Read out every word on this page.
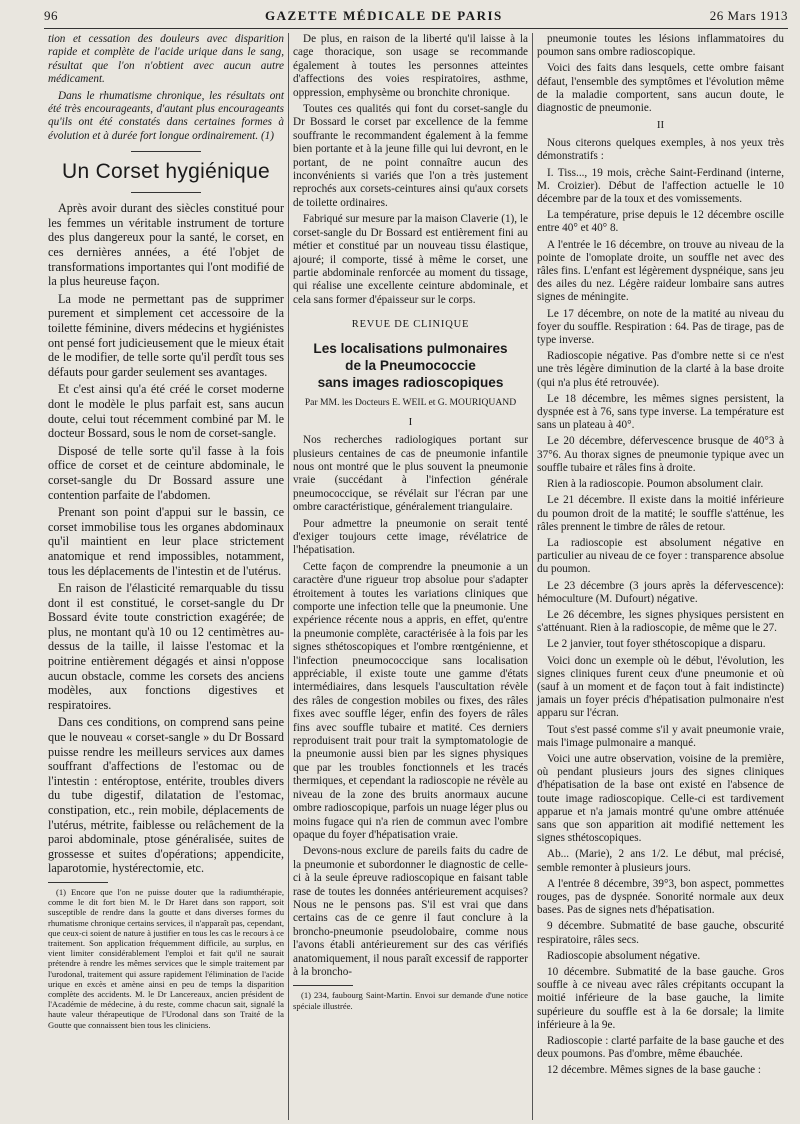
96	GAZETTE MÉDICALE DE PARIS	26 Mars 1913

tion et cessation des douleurs avec disparition rapide et complète de l'acide urique dans le sang, résultat que l'on n'obtient avec aucun autre médicament.

Dans le rhumatisme chronique, les résultats ont été très encourageants, d'autant plus encourageants qu'ils ont été constatés dans certaines formes à évolution et à durée fort longue ordinairement. (1)

Un Corset hygiénique

Après avoir durant des siècles constitué pour les femmes un véritable instrument de torture des plus dangereux pour la santé, le corset, en ces dernières années, a été l'objet de transformations importantes qui l'ont modifié de la plus heureuse façon.

La mode ne permettant pas de supprimer purement et simplement cet accessoire de la toilette féminine, divers médecins et hygiénistes ont pensé fort judicieusement que le mieux était de le modifier, de telle sorte qu'il perdît tous ses défauts pour garder seulement ses avantages.

Et c'est ainsi qu'a été créé le corset moderne dont le modèle le plus parfait est, sans aucun doute, celui tout récemment combiné par M. le docteur Bossard, sous le nom de corset-sangle.

Disposé de telle sorte qu'il fasse à la fois office de corset et de ceinture abdominale, le corset-sangle du Dr Bossard assure une contention parfaite de l'abdomen.

Prenant son point d'appui sur le bassin, ce corset immobilise tous les organes abdominaux qu'il maintient en leur place strictement anatomique et rend impossibles, notamment, tous les déplacements de l'intestin et de l'utérus.

En raison de l'élasticité remarquable du tissu dont il est constitué, le corset-sangle du Dr Bossard évite toute constriction exagérée; de plus, ne montant qu'à 10 ou 12 centimètres au-dessus de la taille, il laisse l'estomac et la poitrine entièrement dégagés et ainsi n'oppose aucun obstacle, comme les corsets des anciens modèles, aux fonctions digestives et respiratoires.

Dans ces conditions, on comprend sans peine que le nouveau « corset-sangle » du Dr Bossard puisse rendre les meilleurs services aux dames souffrant d'affections de l'estomac ou de l'intestin : entéroptose, entérite, troubles divers du tube digestif, dilatation de l'estomac, constipation, etc., rein mobile, déplacements de l'utérus, métrite, faiblesse ou relâchement de la paroi abdominale, ptose généralisée, suites de grossesse et suites d'opérations; appendicite, laparotomie, hystérectomie, etc.

(1) Encore que l'on ne puisse douter que la radiumthérapie, comme le dit fort bien M. le Dr Haret dans son rapport, soit susceptible de rendre dans la goutte et dans diverses formes du rhumatisme chronique certains services, il n'apparaît pas, cependant, que ceux-ci soient de nature à justifier en tous les cas le recours à ce traitement. Son application fréquemment difficile, au surplus, en vient limiter considérablement l'emploi et fait qu'il ne saurait prétendre à rendre les mêmes services que le simple traitement par l'urodonal, traitement qui assure rapidement l'élimination de l'acide urique en excès et amène ainsi en peu de temps la disparition complète des accidents. M. le Dr Lancereaux, ancien président de l'Académie de médecine, à du reste, comme chacun sait, signalé la haute valeur thérapeutique de l'Urodonal dans son Traité de la Goutte que connaissent bien tous les cliniciens.

De plus, en raison de la liberté qu'il laisse à la cage thoracique, son usage se recommande également à toutes les personnes atteintes d'affections des voies respiratoires, asthme, oppression, emphysème ou bronchite chronique.

Toutes ces qualités qui font du corset-sangle du Dr Bossard le corset par excellence de la femme souffrante le recommandent également à la femme bien portante et à la jeune fille qui lui devront, en le portant, de ne point connaître aucun des inconvénients si variés que l'on a très justement reprochés aux corsets-ceintures ainsi qu'aux corsets de toilette ordinaires.

Fabriqué sur mesure par la maison Claverie (1), le corset-sangle du Dr Bossard est entièrement fini au métier et constitué par un nouveau tissu élastique, ajouré; il comporte, tissé à même le corset, une partie abdominale renforcée au moment du tissage, qui réalise une excellente ceinture abdominale, et cela sans former d'épaisseur sur le corps.

REVUE DE CLINIQUE
Les localisations pulmonaires
de la Pneumococcie
sans images radioscopiques
Par MM. les Docteurs E. WEIL et G. MOURIQUAND
I

Nos recherches radiologiques portant sur plusieurs centaines de cas de pneumonie infantile nous ont montré que le plus souvent la pneumonie vraie (succédant à l'infection générale pneumococcique, se révélait sur l'écran par une ombre caractéristique, généralement triangulaire.

Pour admettre la pneumonie on serait tenté d'exiger toujours cette image, révélatrice de l'hépatisation.

Cette façon de comprendre la pneumonie a un caractère d'une rigueur trop absolue pour s'adapter étroitement à toutes les variations cliniques que comporte une infection telle que la pneumonie. Une expérience récente nous a appris, en effet, qu'entre la pneumonie complète, caractérisée à la fois par les signes sthétoscopiques et l'ombre rœntgénienne, et l'infection pneumococcique sans localisation appréciable, il existe toute une gamme d'états intermédiaires, dans lesquels l'auscultation révèle des râles de congestion mobiles ou fixes, des râles fixes avec souffle léger, enfin des foyers de râles fins avec souffle tubaire et matité. Ces derniers reproduisent trait pour trait la symptomatologie de la pneumonie aussi bien par les signes physiques que par les troubles fonctionnels et les tracés thermiques, et cependant la radioscopie ne révèle au niveau de la zone des bruits anormaux aucune ombre radioscopique, parfois un nuage léger plus ou moins fugace qui n'a rien de commun avec l'ombre opaque du foyer d'hépatisation vraie.

Devons-nous exclure de pareils faits du cadre de la pneumonie et subordonner le diagnostic de celle-ci à la seule épreuve radioscopique en faisant table rase de toutes les données antérieurement acquises? Nous ne le pensons pas. S'il est vrai que dans certains cas de ce genre il faut conclure à la broncho-pneumonie pseudolobaire, comme nous l'avons établi antérieurement sur des cas vérifiés anatomiquement, il nous paraît excessif de rapporter à la broncho-

(1) 234, faubourg Saint-Martin. Envoi sur demande d'une notice spéciale illustrée.

pneumonie toutes les lésions inflammatoires du poumon sans ombre radioscopique.

Voici des faits dans lesquels, cette ombre faisant défaut, l'ensemble des symptômes et l'évolution même de la maladie comportent, sans aucun doute, le diagnostic de pneumonie.

II

Nous citerons quelques exemples, à nos yeux très démonstratifs :

I. Tiss..., 19 mois, crèche Saint-Ferdinand (interne, M. Croizier). Début de l'affection actuelle le 10 décembre par de la toux et des vomissements.

La température, prise depuis le 12 décembre oscille entre 40° et 40° 8.

A l'entrée le 16 décembre, on trouve au niveau de la pointe de l'omoplate droite, un souffle net avec des râles fins. L'enfant est légèrement dyspnéique, sans jeu des ailes du nez. Légère raideur lombaire sans autres signes de méningite.

Le 17 décembre, on note de la matité au niveau du foyer du souffle. Respiration : 64. Pas de tirage, pas de type inverse.

Radioscopie négative. Pas d'ombre nette si ce n'est une très légère diminution de la clarté à la base droite (qui n'a plus été retrouvée).

Le 18 décembre, les mêmes signes persistent, la dyspnée est à 76, sans type inverse. La température est sans un plateau à 40°.

Le 20 décembre, défervescence brusque de 40°3 à 37°6. Au thorax signes de pneumonie typique avec un souffle tubaire et râles fins à droite.

Rien à la radioscopie. Poumon absolument clair.

Le 21 décembre. Il existe dans la moitié inférieure du poumon droit de la matité; le souffle s'atténue, les râles prennent le timbre de râles de retour.

La radioscopie est absolument négative en particulier au niveau de ce foyer : transparence absolue du poumon.

Le 23 décembre (3 jours après la défervescence): hémoculture (M. Dufourt) négative.

Le 26 décembre, les signes physiques persistent en s'atténuant. Rien à la radioscopie, de même que le 27.

Le 2 janvier, tout foyer sthétoscopique a disparu.

Voici donc un exemple où le début, l'évolution, les signes cliniques furent ceux d'une pneumonie et où (sauf à un moment et de façon tout à fait indistincte) jamais un foyer précis d'hépatisation pulmonaire n'est apparu sur l'écran.

Tout s'est passé comme s'il y avait pneumonie vraie, mais l'image pulmonaire a manqué.

Voici une autre observation, voisine de la première, où pendant plusieurs jours des signes cliniques d'hépatisation de la base ont existé en l'absence de toute image radioscopique. Celle-ci est tardivement apparue et n'a jamais montré qu'une ombre atténuée sans que son apparition ait modifié nettement les signes sthétoscopiques.

Ab... (Marie), 2 ans 1/2. Le début, mal précisé, semble remonter à plusieurs jours.

A l'entrée 8 décembre, 39°3, bon aspect, pommettes rouges, pas de dyspnée. Sonorité normale aux deux bases. Pas de signes nets d'hépatisation.

9 décembre. Submatité de base gauche, obscurité respiratoire, râles secs.

Radioscopie absolument négative.

10 décembre. Submatité de la base gauche. Gros souffle à ce niveau avec râles crépitants occupant la moitié inférieure de la base gauche, la limite supérieure du souffle est à la 6e dorsale; la limite inférieure à la 9e.

Radioscopie : clarté parfaite de la base gauche et des deux poumons. Pas d'ombre, même ébauchée.

12 décembre. Mêmes signes de la base gauche :
